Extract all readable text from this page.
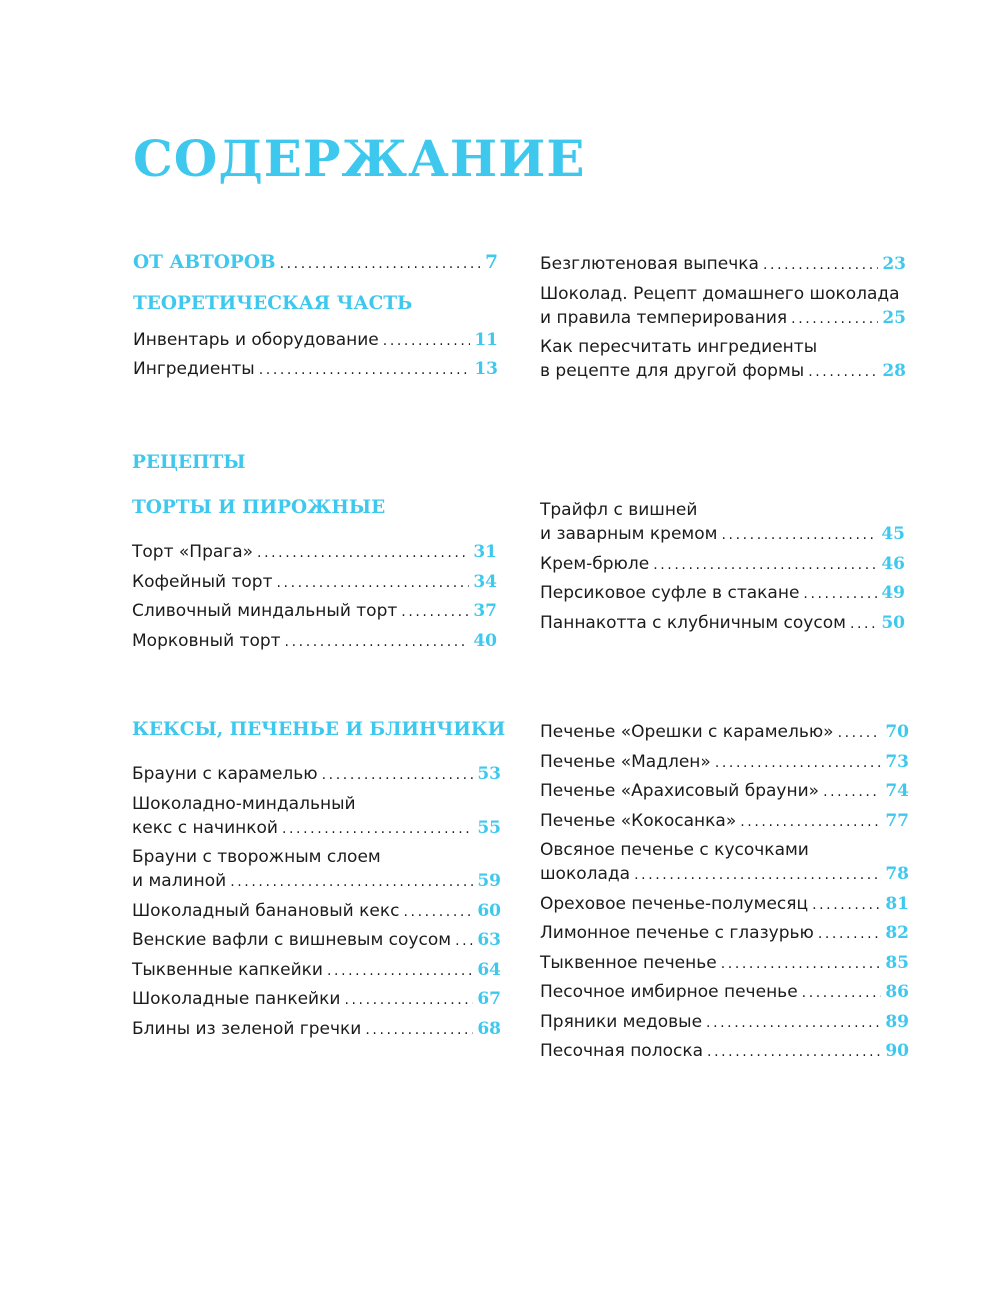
СОДЕРЖАНИЕ
ОТ АВТОРОВ .....	7
ТЕОРЕТИЧЕСКАЯ ЧАСТЬ
Инвентарь и оборудование .....	11
Ингредиенты .....	13
Безглютеновая выпечка .....	23
Шоколад. Рецепт домашнего шоколада
и правила темперирования .....	25
Как пересчитать ингредиенты
в рецепте для другой формы .....	28
РЕЦЕПТЫ
ТОРТЫ И ПИРОЖНЫЕ
Торт «Прага» .....	31
Кофейный торт .....	34
Сливочный миндальный торт .....	37
Морковный торт .....	40
Трайфл с вишней
и заварным кремом .....	45
Крем-брюле .....	46
Персиковое суфле в стакане .....	49
Паннакотта с клубничным соусом ..... 50
КЕКСЫ, ПЕЧЕНЬЕ И БЛИНЧИКИ
Брауни с карамелью .....	53
Шоколадно-миндальный
кекс с начинкой .....	55
Брауни с творожным слоем
и малиной .....	59
Шоколадный банановый кекс .....	60
Венские вафли с вишневым соусом ..... 63
Тыквенные капкейки .....	64
Шоколадные панкейки .....	67
Блины из зеленой гречки .....	68
Печенье «Орешки с карамелью» .....	70
Печенье «Мадлен» .....	73
Печенье «Арахисовый брауни» .....	74
Печенье «Кокосанка» .....	77
Овсяное печенье с кусочками
шоколада .....	78
Ореховое печенье-полумесяц .....	81
Лимонное печенье с глазурью .....	82
Тыквенное печенье .....	85
Песочное имбирное печенье .....	86
Пряники медовые .....	89
Песочная полоска .....	90
